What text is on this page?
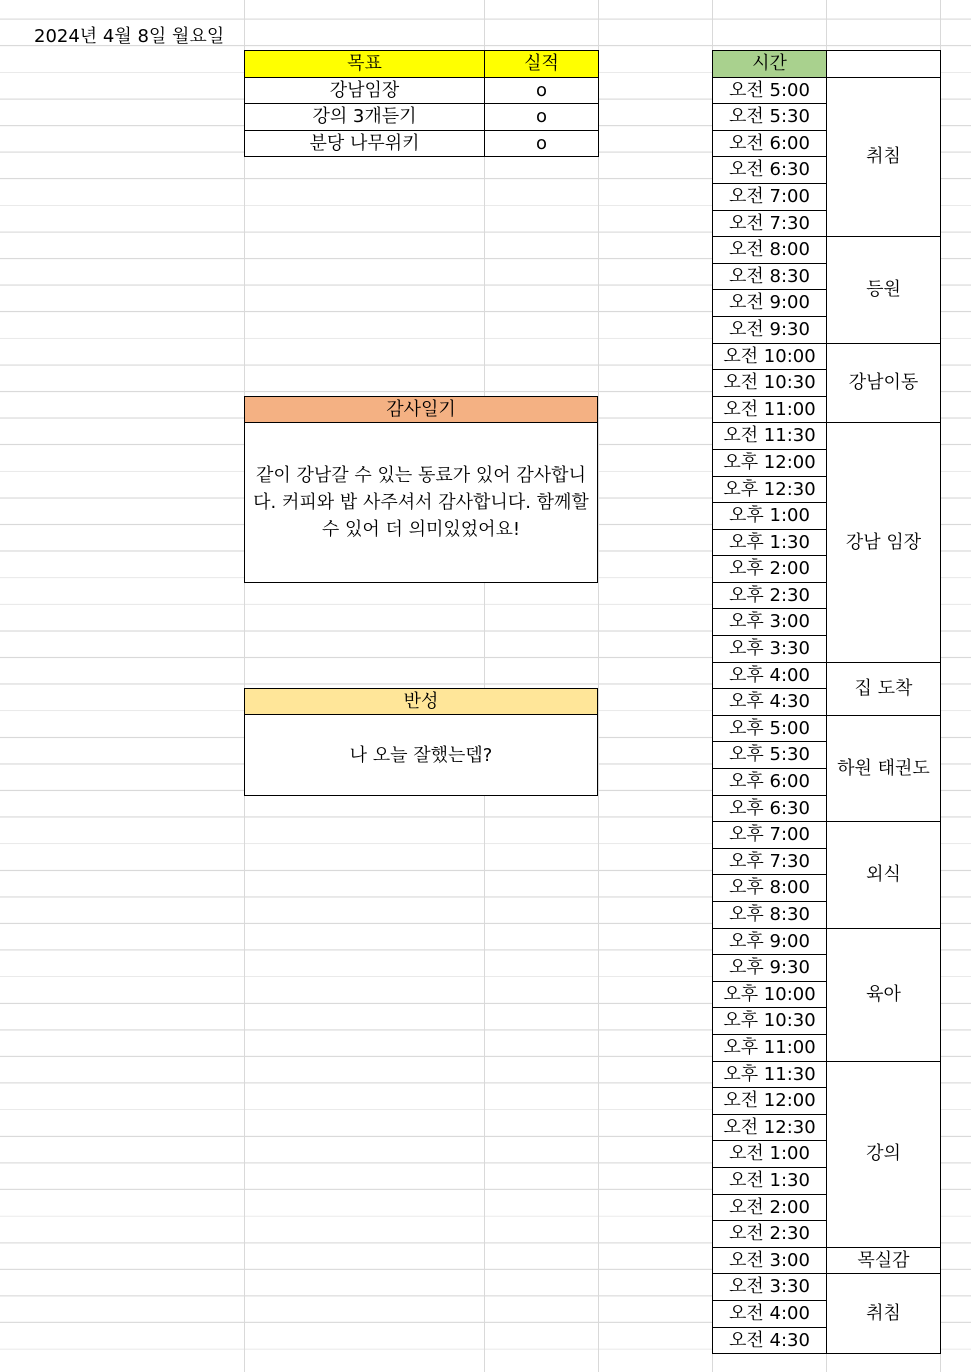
2024년 4월 8일 월요일
목표	실적
강남임장	o
강의 3개듣기	o
분당 나무위키	o
감사일기
같이 강남갈 수 있는 동료가 있어 감사합니다. 커피와 밥 사주셔서 감사합니다. 함께할 수 있어 더 의미있었어요!
반성
나 오늘 잘했는뎁?
시간	
오전 5:00	취침
오전 5:30	
오전 6:00	
오전 6:30	
오전 7:00	
오전 7:30	
오전 8:00	등원
오전 8:30	
오전 9:00	
오전 9:30	
오전 10:00	강남이동
오전 10:30	
오전 11:00	
오전 11:30	강남 임장
오후 12:00	
오후 12:30	
오후 1:00	
오후 1:30	
오후 2:00	
오후 2:30	
오후 3:00	
오후 3:30	
오후 4:00	집 도착
오후 4:30	
오후 5:00	하원 태권도
오후 5:30	
오후 6:00	
오후 6:30	
오후 7:00	외식
오후 7:30	
오후 8:00	
오후 8:30	
오후 9:00	육아
오후 9:30	
오후 10:00	
오후 10:30	
오후 11:00	
오후 11:30	강의
오전 12:00	
오전 12:30	
오전 1:00	
오전 1:30	
오전 2:00	
오전 2:30	
오전 3:00	목실감
오전 3:30	취침
오전 4:00	
오전 4:30	
